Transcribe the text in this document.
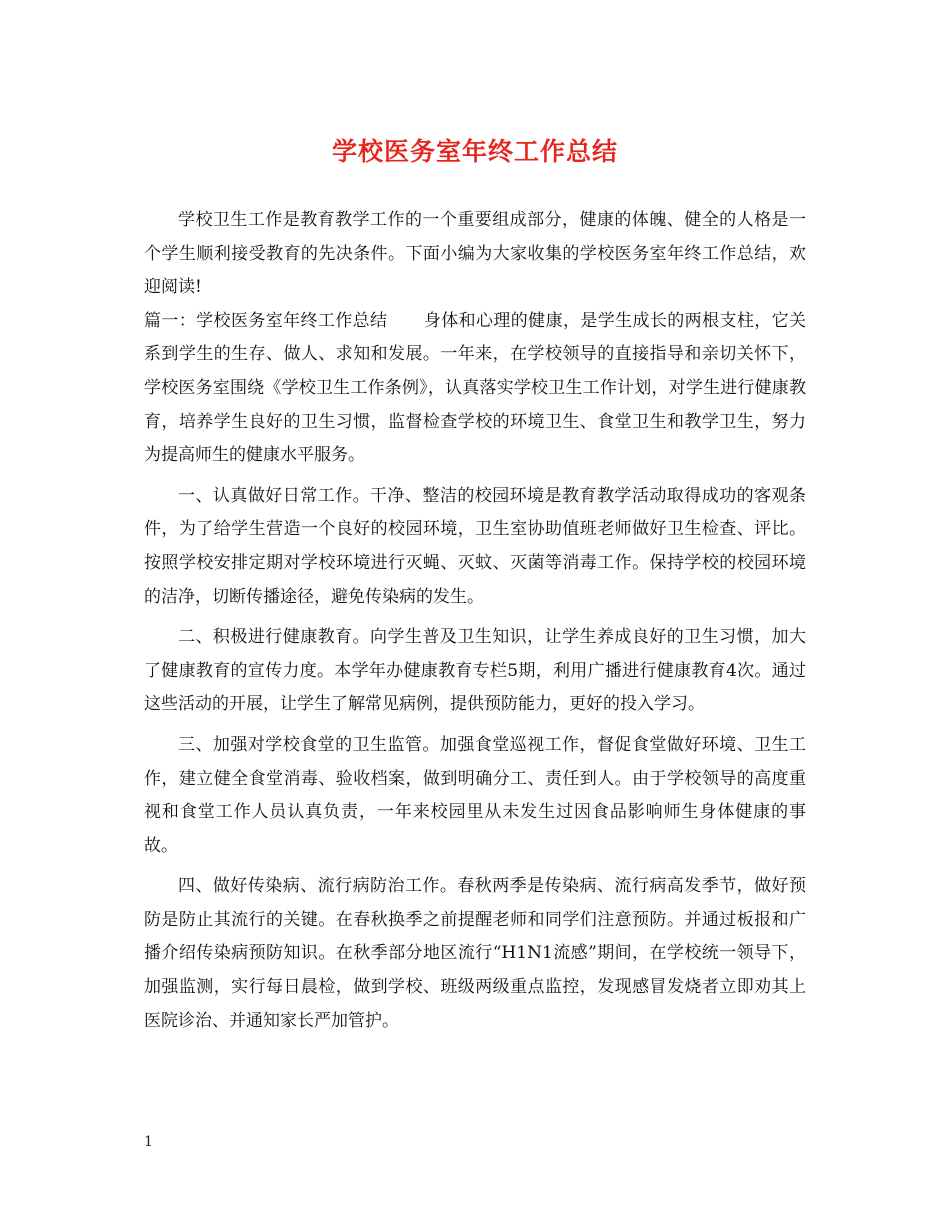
学校医务室年终工作总结

学校卫生工作是教育教学工作的一个重要组成部分，健康的体魄、健全的人格是一个学生顺利接受教育的先决条件。下面小编为大家收集的学校医务室年终工作总结，欢迎阅读!

篇一：学校医务室年终工作总结 身体和心理的健康，是学生成长的两根支柱，它关系到学生的生存、做人、求知和发展。一年来，在学校领导的直接指导和亲切关怀下，学校医务室围绕《学校卫生工作条例》，认真落实学校卫生工作计划，对学生进行健康教育，培养学生良好的卫生习惯，监督检查学校的环境卫生、食堂卫生和教学卫生，努力为提高师生的健康水平服务。

一、认真做好日常工作。干净、整洁的校园环境是教育教学活动取得成功的客观条件，为了给学生营造一个良好的校园环境，卫生室协助值班老师做好卫生检查、评比。按照学校安排定期对学校环境进行灭蝇、灭蚊、灭菌等消毒工作。保持学校的校园环境的洁净，切断传播途径，避免传染病的发生。

二、积极进行健康教育。向学生普及卫生知识，让学生养成良好的卫生习惯，加大了健康教育的宣传力度。本学年办健康教育专栏5期，利用广播进行健康教育4次。通过这些活动的开展，让学生了解常见病例，提供预防能力，更好的投入学习。

三、加强对学校食堂的卫生监管。加强食堂巡视工作，督促食堂做好环境、卫生工作，建立健全食堂消毒、验收档案，做到明确分工、责任到人。由于学校领导的高度重视和食堂工作人员认真负责，一年来校园里从未发生过因食品影响师生身体健康的事故。

四、做好传染病、流行病防治工作。春秋两季是传染病、流行病高发季节，做好预防是防止其流行的关键。在春秋换季之前提醒老师和同学们注意预防。并通过板报和广播介绍传染病预防知识。在秋季部分地区流行“H1N1流感”期间，在学校统一领导下，加强监测，实行每日晨检，做到学校、班级两级重点监控，发现感冒发烧者立即劝其上医院诊治、并通知家长严加管护。

1
